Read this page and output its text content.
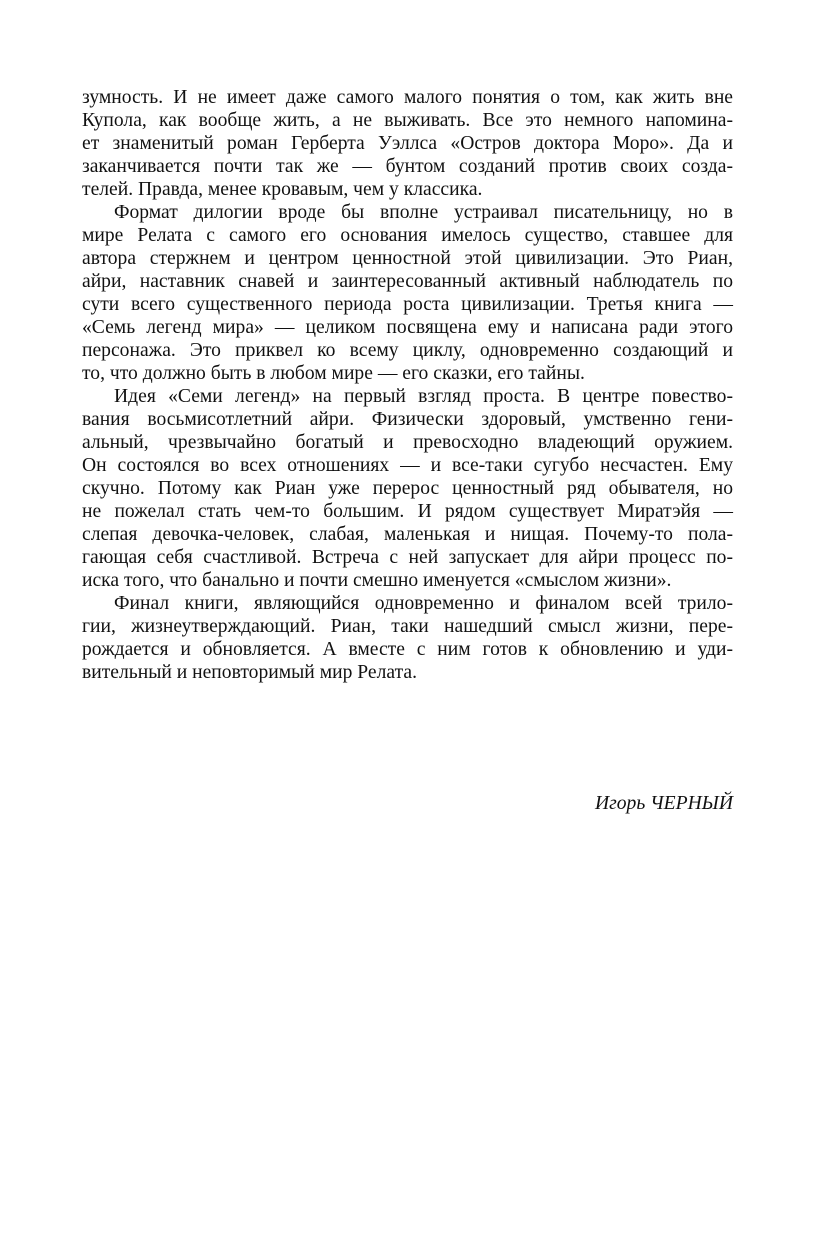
зумность. И не имеет даже самого малого понятия о том, как жить вне
Купола, как вообще жить, а не выживать. Все это немного напомина-
ет знаменитый роман Герберта Уэллса «Остров доктора Моро». Да и
заканчивается почти так же — бунтом созданий против своих созда-
телей. Правда, менее кровавым, чем у классика.
Формат дилогии вроде бы вполне устраивал писательницу, но в
мире Релата с самого его основания имелось существо, ставшее для
автора стержнем и центром ценностной этой цивилизации. Это Риан,
айри, наставник снавей и заинтересованный активный наблюдатель по
сути всего существенного периода роста цивилизации. Третья книга —
«Семь легенд мира» — целиком посвящена ему и написана ради этого
персонажа. Это приквел ко всему циклу, одновременно создающий и
то, что должно быть в любом мире — его сказки, его тайны.
Идея «Семи легенд» на первый взгляд проста. В центре повество-
вания восьмисотлетний айри. Физически здоровый, умственно гени-
альный, чрезвычайно богатый и превосходно владеющий оружием.
Он состоялся во всех отношениях — и все-таки сугубо несчастен. Ему
скучно. Потому как Риан уже перерос ценностный ряд обывателя, но
не пожелал стать чем-то большим. И рядом существует Миратэйя —
слепая девочка-человек, слабая, маленькая и нищая. Почему-то пола-
гающая себя счастливой. Встреча с ней запускает для айри процесс по-
иска того, что банально и почти смешно именуется «смыслом жизни».
Финал книги, являющийся одновременно и финалом всей трило-
гии, жизнеутверждающий. Риан, таки нашедший смысл жизни, пере-
рождается и обновляется. А вместе с ним готов к обновлению и уди-
вительный и неповторимый мир Релата.
Игорь ЧЕРНЫЙ
